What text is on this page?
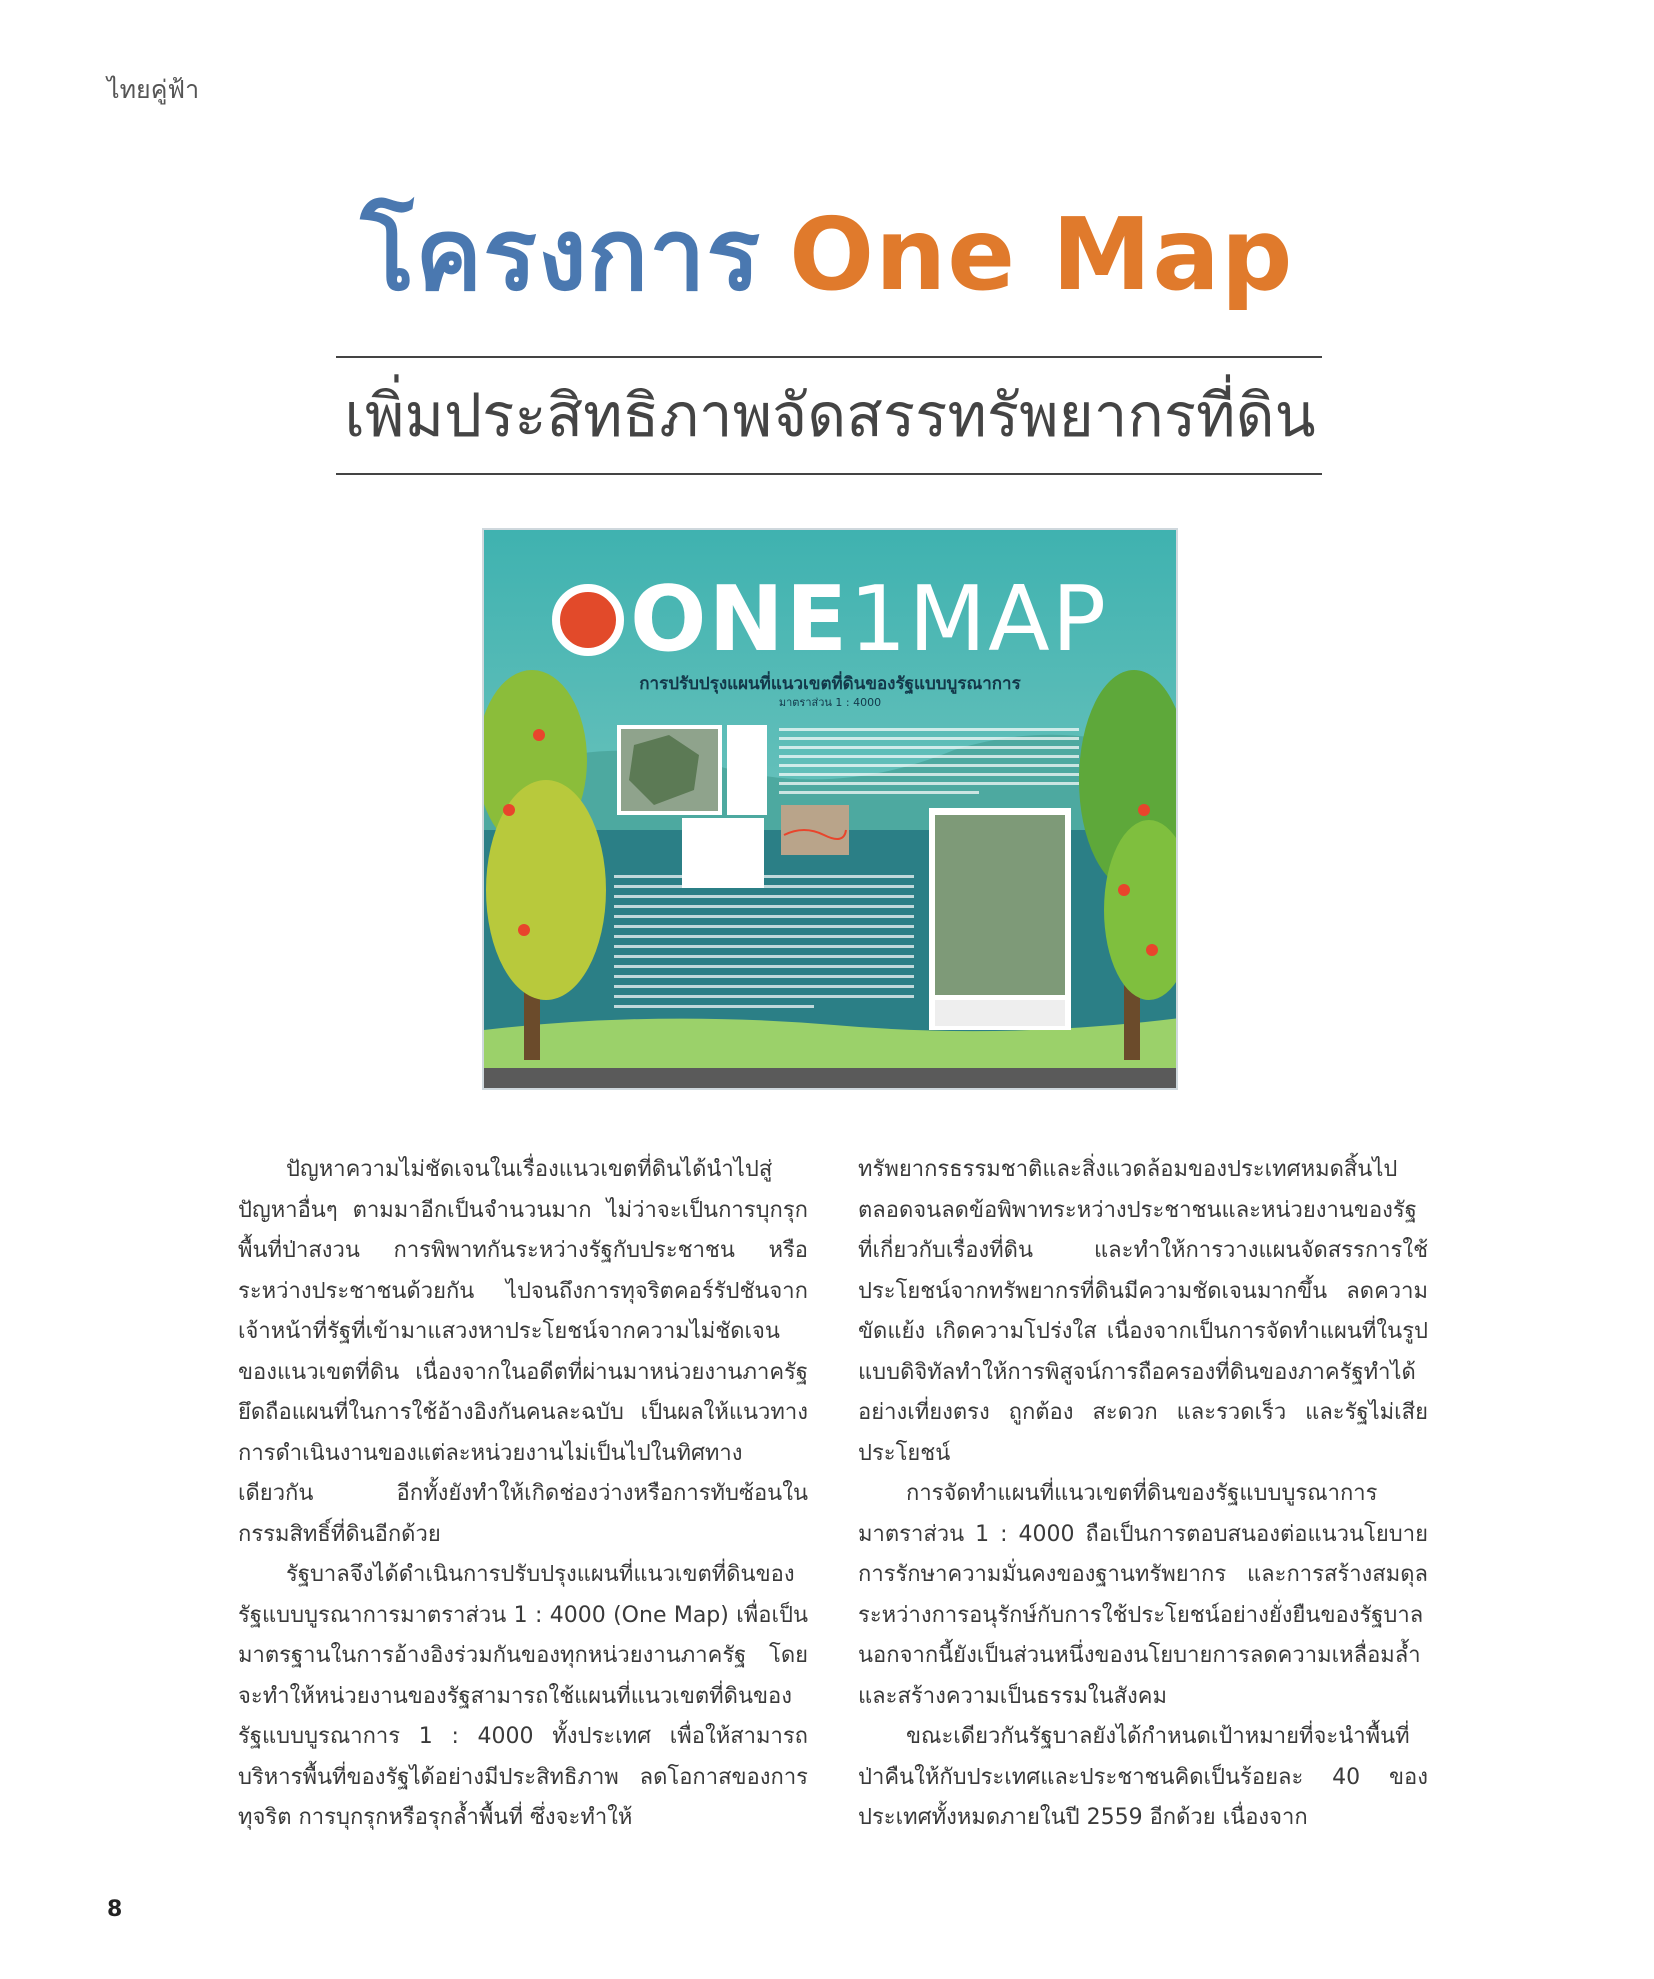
ไทยคู่ฟ้า
โครงการ One Map
เพิ่มประสิทธิภาพจัดสรรทรัพยากรที่ดิน
ONE1MAP
การปรับปรุงแผนที่แนวเขตที่ดินของรัฐแบบบูรณาการ
มาตราส่วน 1 : 4000

ปัญหาความไม่ชัดเจนในเรื่องแนวเขตที่ดินได้นำไปสู่ปัญหาอื่นๆ ตามมาอีกเป็นจำนวนมาก ไม่ว่าจะเป็นการบุกรุกพื้นที่ป่าสงวน การพิพาทกันระหว่างรัฐกับประชาชน หรือระหว่างประชาชนด้วยกัน ไปจนถึงการทุจริตคอร์รัปชันจากเจ้าหน้าที่รัฐที่เข้ามาแสวงหาประโยชน์จากความไม่ชัดเจนของแนวเขตที่ดิน เนื่องจากในอดีตที่ผ่านมาหน่วยงานภาครัฐยึดถือแผนที่ในการใช้อ้างอิงกันคนละฉบับ เป็นผลให้แนวทางการดำเนินงานของแต่ละหน่วยงานไม่เป็นไปในทิศทางเดียวกัน อีกทั้งยังทำให้เกิดช่องว่างหรือการทับซ้อนในกรรมสิทธิ์ที่ดินอีกด้วย

รัฐบาลจึงได้ดำเนินการปรับปรุงแผนที่แนวเขตที่ดินของรัฐแบบบูรณาการมาตราส่วน 1 : 4000 (One Map) เพื่อเป็นมาตรฐานในการอ้างอิงร่วมกันของทุกหน่วยงานภาครัฐ โดยจะทำให้หน่วยงานของรัฐสามารถใช้แผนที่แนวเขตที่ดินของรัฐแบบบูรณาการ 1 : 4000 ทั้งประเทศ เพื่อให้สามารถบริหารพื้นที่ของรัฐได้อย่างมีประสิทธิภาพ ลดโอกาสของการทุจริต การบุกรุกหรือรุกล้ำพื้นที่ ซึ่งจะทำให้

ทรัพยากรธรรมชาติและสิ่งแวดล้อมของประเทศหมดสิ้นไป ตลอดจนลดข้อพิพาทระหว่างประชาชนและหน่วยงานของรัฐที่เกี่ยวกับเรื่องที่ดิน และทำให้การวางแผนจัดสรรการใช้ประโยชน์จากทรัพยากรที่ดินมีความชัดเจนมากขึ้น ลดความขัดแย้ง เกิดความโปร่งใส เนื่องจากเป็นการจัดทำแผนที่ในรูปแบบดิจิทัลทำให้การพิสูจน์การถือครองที่ดินของภาครัฐทำได้อย่างเที่ยงตรง ถูกต้อง สะดวก และรวดเร็ว และรัฐไม่เสียประโยชน์

การจัดทำแผนที่แนวเขตที่ดินของรัฐแบบบูรณาการมาตราส่วน 1 : 4000 ถือเป็นการตอบสนองต่อแนวนโยบายการรักษาความมั่นคงของฐานทรัพยากร และการสร้างสมดุลระหว่างการอนุรักษ์กับการใช้ประโยชน์อย่างยั่งยืนของรัฐบาล นอกจากนี้ยังเป็นส่วนหนึ่งของนโยบายการลดความเหลื่อมล้ำและสร้างความเป็นธรรมในสังคม

ขณะเดียวกันรัฐบาลยังได้กำหนดเป้าหมายที่จะนำพื้นที่ป่าคืนให้กับประเทศและประชาชนคิดเป็นร้อยละ 40 ของประเทศทั้งหมดภายในปี 2559 อีกด้วย เนื่องจาก

8
